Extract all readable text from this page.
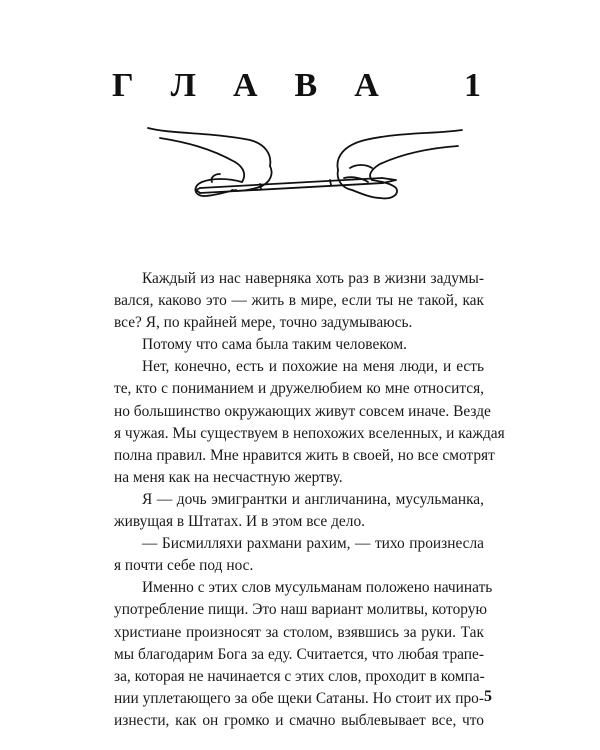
Г Л А В А 1
Каждый из нас наверняка хоть раз в жизни задумы-
вался, каково это — жить в мире, если ты не такой, как
все? Я, по крайней мере, точно задумываюсь.
Потому что сама была таким человеком.
Нет, конечно, есть и похожие на меня люди, и есть
те, кто с пониманием и дружелюбием ко мне относится,
но большинство окружающих живут совсем иначе. Везде
я чужая. Мы существуем в непохожих вселенных, и каждая
полна правил. Мне нравится жить в своей, но все смотрят
на меня как на несчастную жертву.
Я — дочь эмигрантки и англичанина, мусульманка,
живущая в Штатах. И в этом все дело.
— Бисмилляхи рахмани рахим, — тихо произнесла
я почти себе под нос.
Именно с этих слов мусульманам положено начинать
употребление пищи. Это наш вариант молитвы, которую
христиане произносят за столом, взявшись за руки. Так
мы благодарим Бога за еду. Считается, что любая трапе-
за, которая не начинается с этих слов, проходит в компа-
нии уплетающего за обе щеки Сатаны. Но стоит их про-
изнести, как он громко и смачно выблевывает все, что
5
